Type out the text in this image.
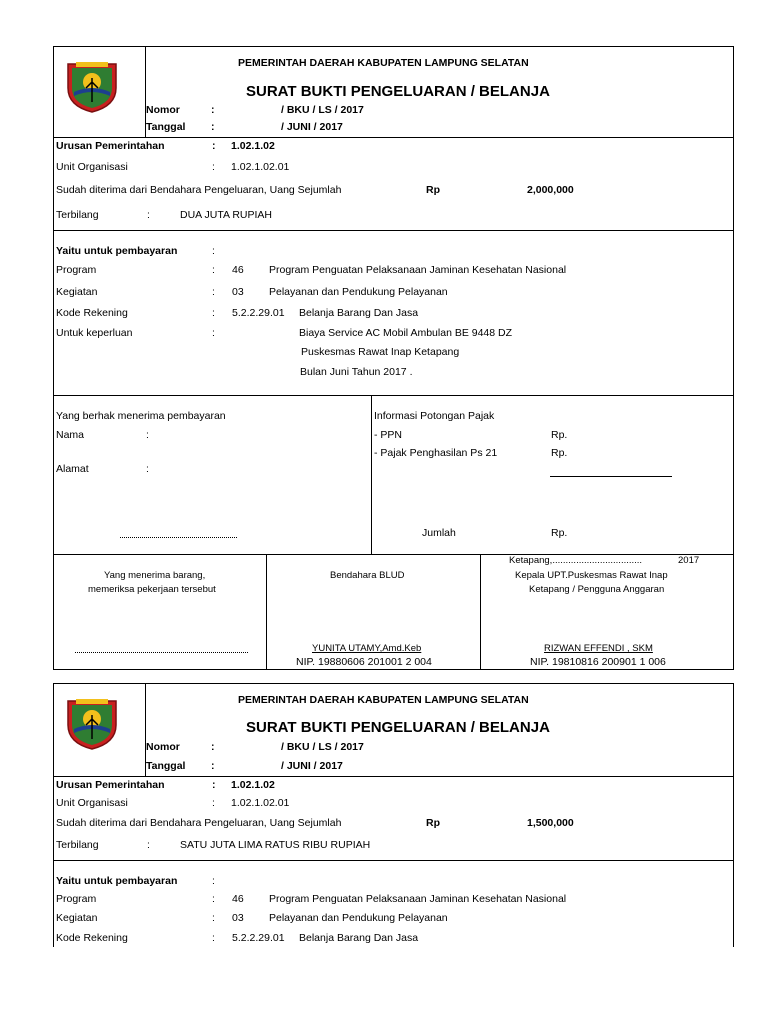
PEMERINTAH DAERAH KABUPATEN LAMPUNG SELATAN
SURAT BUKTI PENGELUARAN / BELANJA
Nomor	:	/ BKU / LS / 2017
Tanggal :	/ JUNI / 2017
Urusan Pemerintahan	: 1.02.1.02
Unit Organisasi	: 1.02.1.02.01
Sudah diterima dari Bendahara Pengeluaran, Uang Sejumlah	Rp	2,000,000
Terbilang	:	DUA JUTA RUPIAH
Yaitu untuk pembayaran	:
Program	: 46 Program Penguatan Pelaksanaan Jaminan Kesehatan Nasional
Kegiatan	: 03 Pelayanan dan Pendukung Pelayanan
Kode Rekening	: 5.2.2.29.01 Belanja Barang Dan Jasa
Untuk keperluan	:	Biaya Service AC Mobil Ambulan BE 9448 DZ
Puskesmas Rawat Inap Ketapang
Bulan Juni Tahun 2017 .
Yang berhak menerima pembayaran
Nama	:
Alamat	:
Informasi Potongan Pajak
- PPN	Rp.
- Pajak Penghasilan Ps 21	Rp.
Jumlah	Rp.
Yang menerima barang,
memeriksa pekerjaan tersebut
Bendahara BLUD
YUNITA UTAMY,Amd.Keb
NIP. 19880606 201001 2 004
Ketapang,..................................	2017
Kepala UPT.Puskesmas Rawat Inap
Ketapang / Pengguna Anggaran
RIZWAN EFFENDI , SKM
NIP. 19810816 200901 1 006
PEMERINTAH DAERAH KABUPATEN LAMPUNG SELATAN
SURAT BUKTI PENGELUARAN / BELANJA
Nomor	:	/ BKU / LS / 2017
Tanggal :	/ JUNI / 2017
Urusan Pemerintahan	: 1.02.1.02
Unit Organisasi	: 1.02.1.02.01
Sudah diterima dari Bendahara Pengeluaran, Uang Sejumlah	Rp	1,500,000
Terbilang	:	SATU JUTA LIMA RATUS RIBU RUPIAH
Yaitu untuk pembayaran	:
Program	: 46 Program Penguatan Pelaksanaan Jaminan Kesehatan Nasional
Kegiatan	: 03 Pelayanan dan Pendukung Pelayanan
Kode Rekening	: 5.2.2.29.01 Belanja Barang Dan Jasa
